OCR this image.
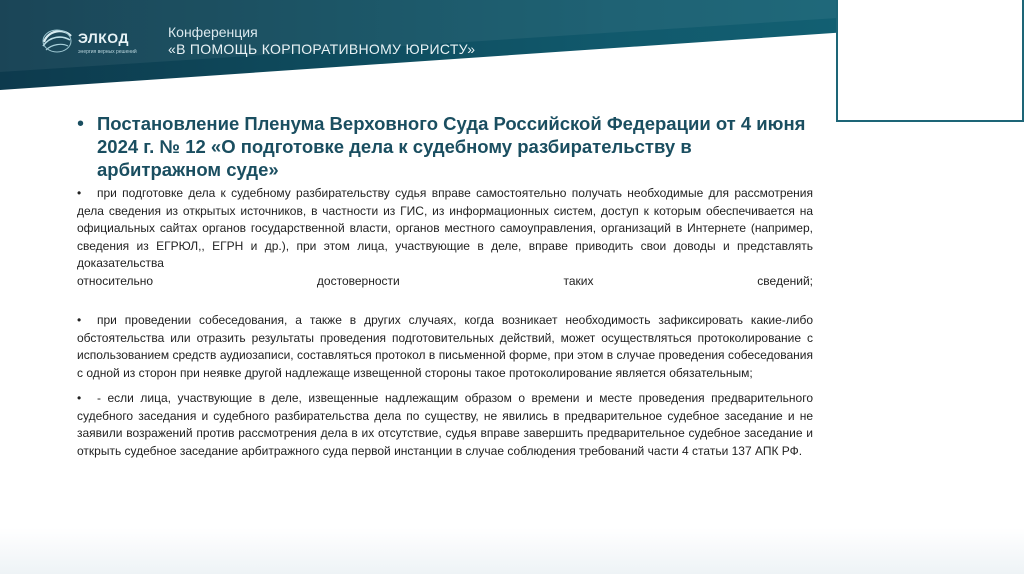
ЭЛКОД
энергия верных решений
Конференция
«В ПОМОЩЬ КОРПОРАТИВНОМУ ЮРИСТУ»
• Постановление Пленума Верховного Суда Российской Федерации от 4 июня 2024 г. № 12 «О подготовке дела к судебному разбирательству в арбитражном суде»

•	при подготовке дела к судебному разбирательству судья вправе самостоятельно получать необходимые для рассмотрения дела сведения из открытых источников, в частности из ГИС, из информационных систем, доступ к которым обеспечивается на официальных сайтах органов государственной власти, органов местного самоуправления, организаций в Интернете (например, сведения из ЕГРЮЛ,, ЕГРН и др.), при этом лица, участвующие в деле, вправе приводить свои доводы и представлять доказательства

относительно достоверности таких сведений;

•	при проведении собеседования, а также в других случаях, когда возникает необходимость зафиксировать какие-либо обстоятельства или отразить результаты проведения подготовительных действий, может осуществляться протоколирование с использованием средств аудиозаписи, составляться протокол в письменной форме, при этом в случае проведения собеседования с одной из сторон при неявке другой надлежаще извещенной стороны такое протоколирование является обязательным;

•	- если лица, участвующие в деле, извещенные надлежащим образом о времени и месте проведения предварительного судебного заседания и судебного разбирательства дела по существу, не явились в предварительное судебное заседание и не заявили возражений против рассмотрения дела в их отсутствие, судья вправе завершить предварительное судебное заседание и открыть судебное заседание арбитражного суда первой инстанции в случае соблюдения требований части 4 статьи 137 АПК РФ.
